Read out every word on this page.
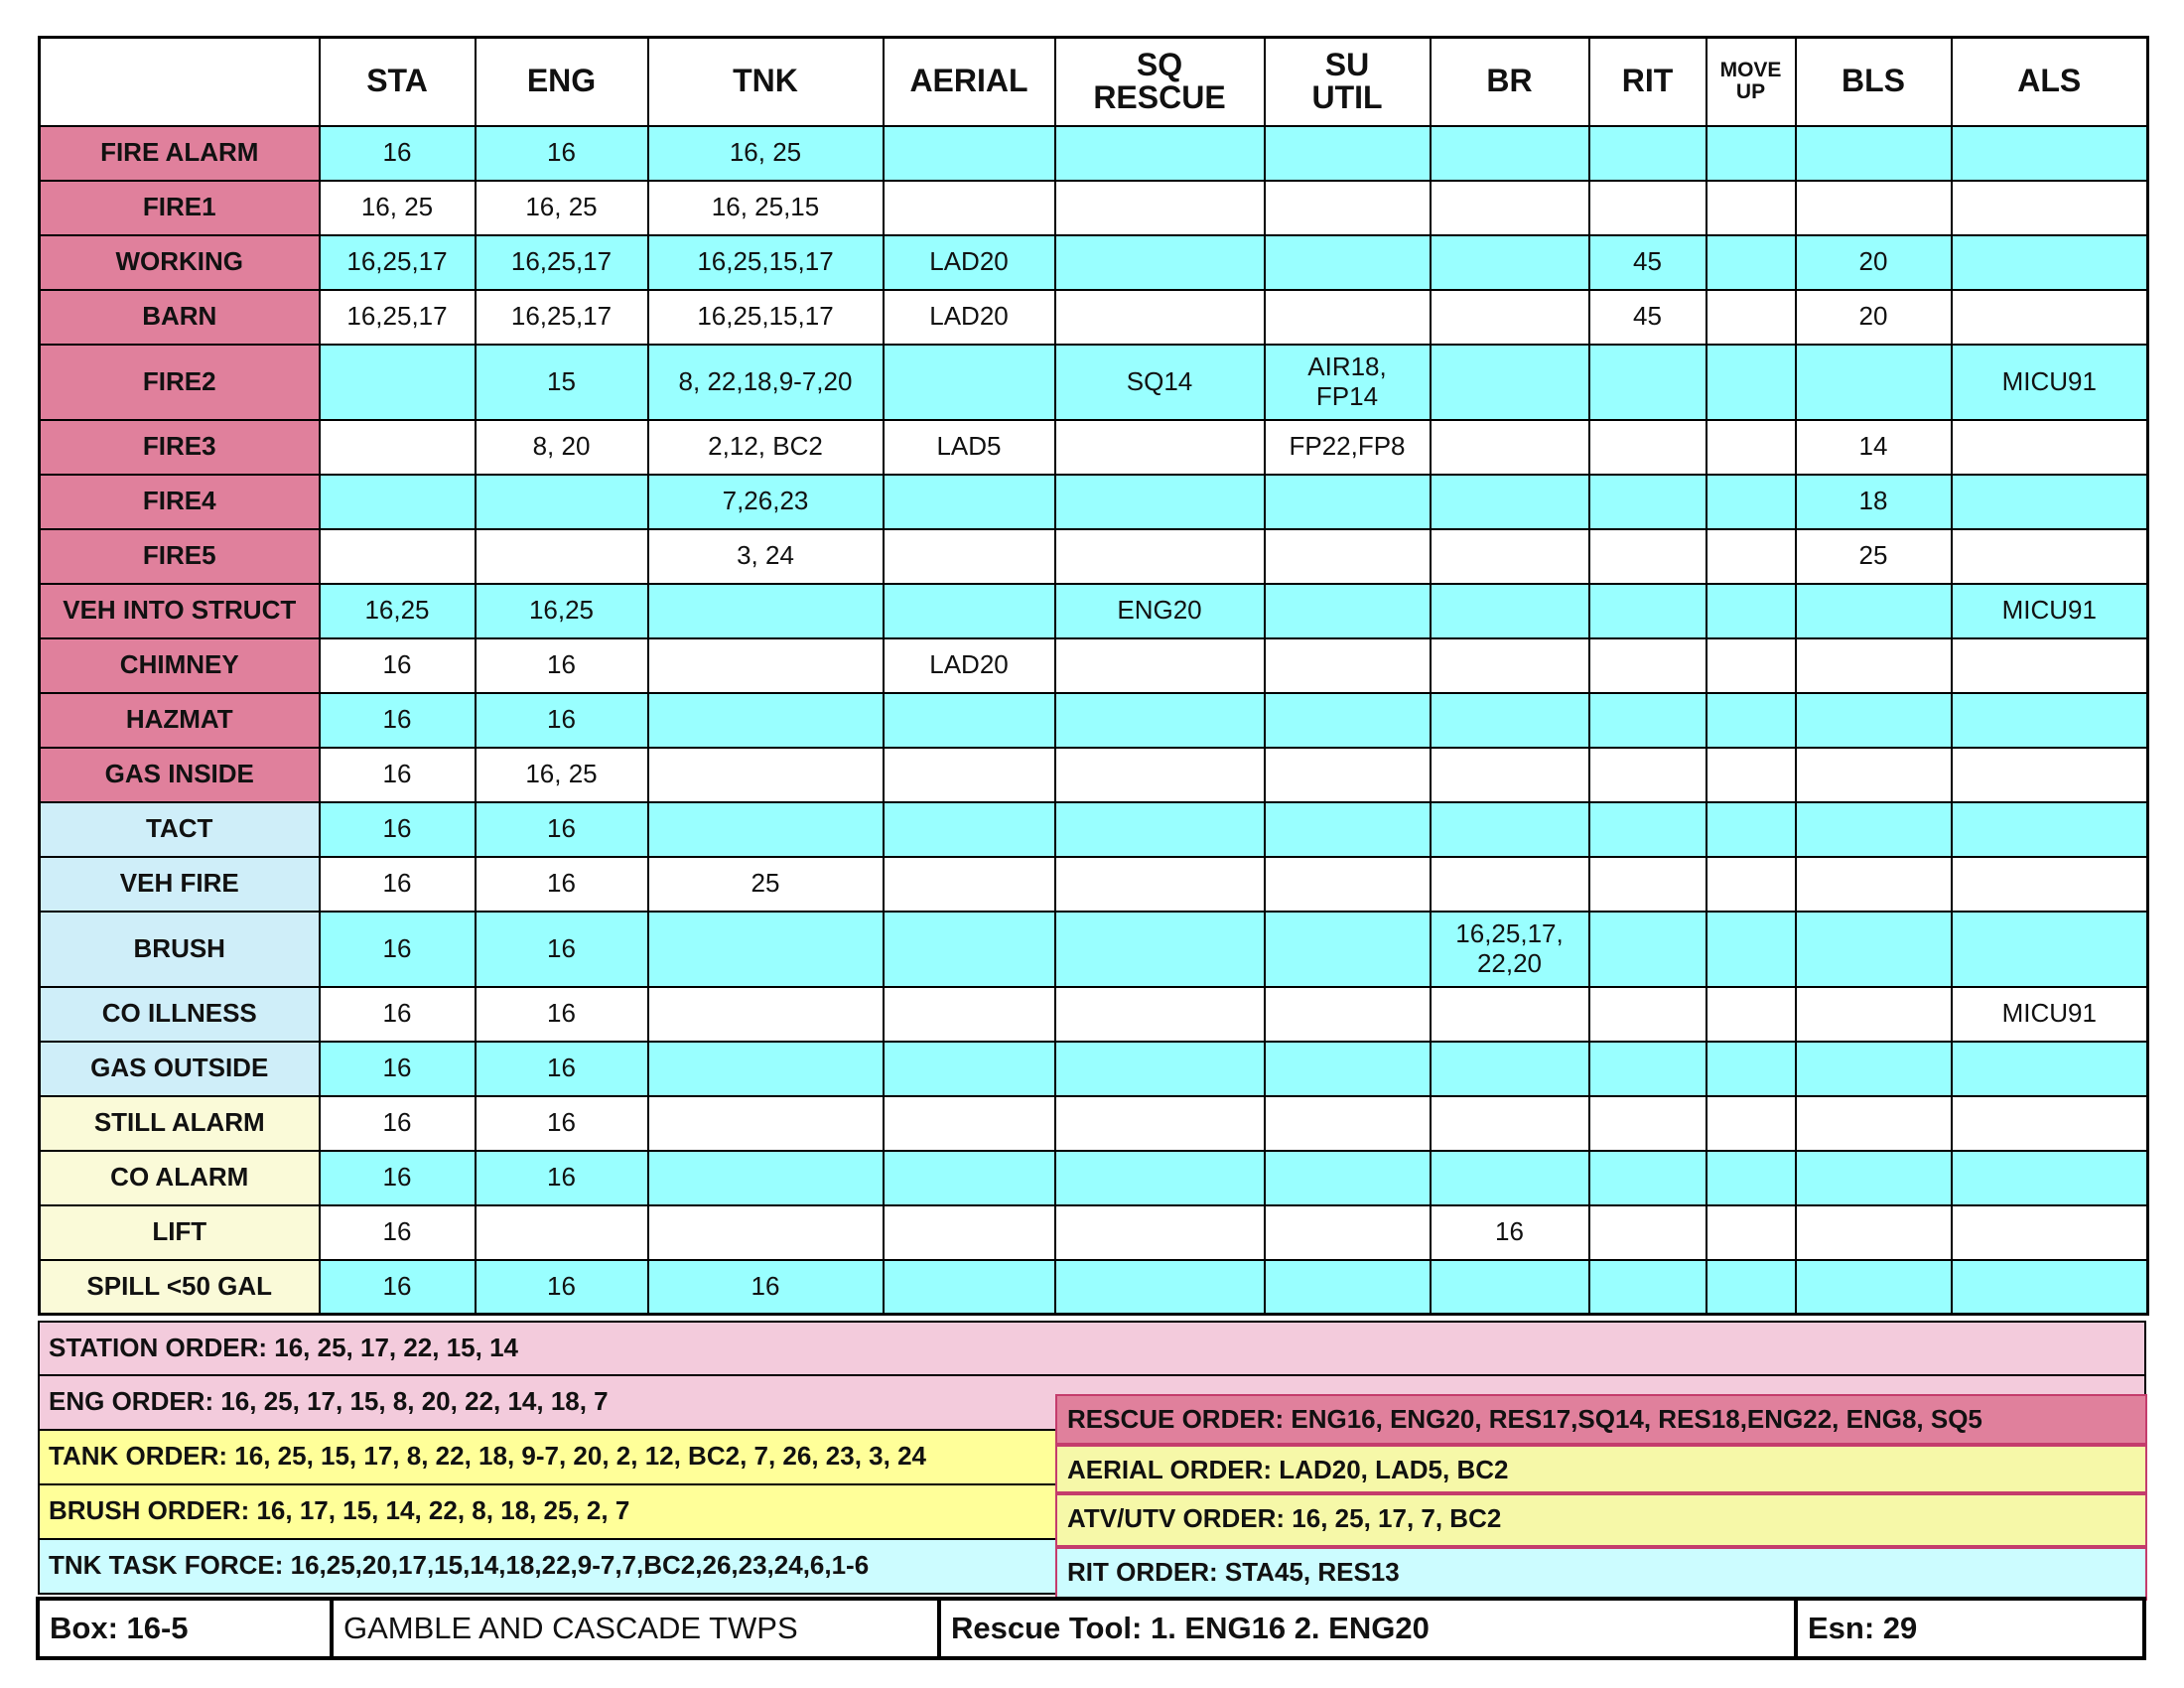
	STA	ENG	TNK	AERIAL	SQ
RESCUE	SU
UTIL	BR	RIT	MOVE
UP	BLS	ALS
FIRE ALARM	16	16	16, 25								
FIRE1	16, 25	16, 25	16, 25,15								
WORKING	16,25,17	16,25,17	16,25,15,17	LAD20				45		20	
BARN	16,25,17	16,25,17	16,25,15,17	LAD20				45		20	
FIRE2		15	8, 22,18,9-7,20		SQ14	AIR18,
FP14					MICU91
FIRE3		8, 20	2,12, BC2	LAD5		FP22,FP8				14	
FIRE4			7,26,23							18	
FIRE5			3, 24							25	
VEH INTO STRUCT	16,25	16,25			ENG20						MICU91
CHIMNEY	16	16		LAD20							
HAZMAT	16	16									
GAS INSIDE	16	16, 25									
TACT	16	16									
VEH FIRE	16	16	25								
BRUSH	16	16					16,25,17,
22,20				
CO ILLNESS	16	16									MICU91
GAS OUTSIDE	16	16									
STILL ALARM	16	16									
CO ALARM	16	16									
LIFT	16						16				
SPILL <50 GAL	16	16	16								
STATION ORDER: 16, 25, 17, 22, 15, 14
ENG ORDER: 16, 25, 17, 15, 8, 20, 22, 14, 18, 7
TANK ORDER: 16, 25, 15, 17, 8, 22, 18, 9-7, 20, 2, 12, BC2, 7, 26, 23, 3, 24
BRUSH ORDER: 16, 17, 15, 14, 22, 8, 18, 25, 2, 7
TNK TASK FORCE: 16,25,20,17,15,14,18,22,9-7,7,BC2,26,23,24,6,1-6
RESCUE ORDER: ENG16, ENG20, RES17,SQ14, RES18,ENG22, ENG8, SQ5
AERIAL ORDER: LAD20, LAD5, BC2
ATV/UTV ORDER: 16, 25, 17, 7, BC2
RIT ORDER: STA45, RES13
Box: 16-5	GAMBLE AND CASCADE TWPS	Rescue Tool: 1. ENG16 2. ENG20	Esn: 29
